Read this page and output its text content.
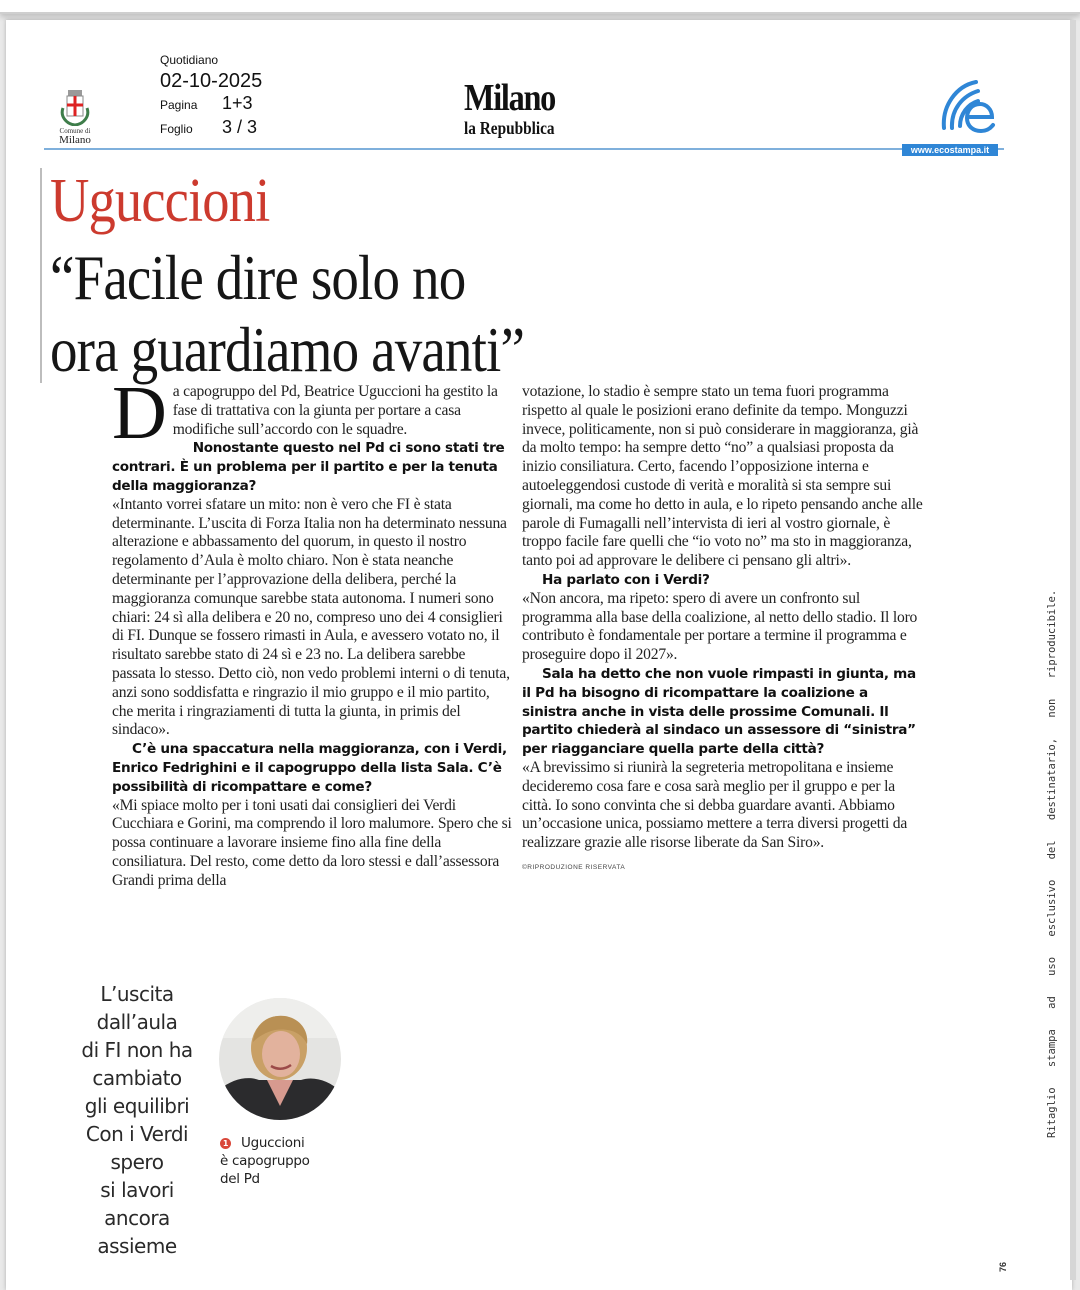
Comune di
Milano
Quotidiano
02-10-2025
Pagina 1+3
Foglio 3 / 3
Milano
la Repubblica
www.ecostampa.it
Uguccioni
“Facile dire solo no
ora guardiamo avanti”

Da capogruppo del Pd, Beatrice Uguccioni ha gestito la fase di trattativa con la giunta per portare a casa modifiche sull’accordo con le squadre.

Nonostante questo nel Pd ci sono stati tre contrari. È un problema per il partito e per la tenuta della maggioranza?

«Intanto vorrei sfatare un mito: non è vero che FI è stata determinante. L’uscita di Forza Italia non ha determinato nessuna alterazione e abbassamento del quorum, in questo il nostro regolamento d’Aula è molto chiaro. Non è stata neanche determinante per l’approvazione della delibera, perché la maggioranza comunque sarebbe stata autonoma. I numeri sono chiari: 24 sì alla delibera e 20 no, compreso uno dei 4 consiglieri di FI. Dunque se fossero rimasti in Aula, e avessero votato no, il risultato sarebbe stato di 24 sì e 23 no. La delibera sarebbe passata lo stesso. Detto ciò, non vedo problemi interni o di tenuta, anzi sono soddisfatta e ringrazio il mio gruppo e il mio partito, che merita i ringraziamenti di tutta la giunta, in primis del sindaco».

C’è una spaccatura nella maggioranza, con i Verdi, Enrico Fedrighini e il capogruppo della lista Sala. C’è possibilità di ricompattare e come?

«Mi spiace molto per i toni usati dai consiglieri dei Verdi Cucchiara e Gorini, ma comprendo il loro malumore. Spero che si possa continuare a lavorare insieme fino alla fine della consiliatura. Del resto, come detto da loro stessi e dall’assessora Grandi prima della

votazione, lo stadio è sempre stato un tema fuori programma rispetto al quale le posizioni erano definite da tempo. Monguzzi invece, politicamente, non si può considerare in maggioranza, già da molto tempo: ha sempre detto “no” a qualsiasi proposta da inizio consiliatura. Certo, facendo l’opposizione interna e autoeleggendosi custode di verità e moralità si sta sempre sui giornali, ma come ho detto in aula, e lo ripeto pensando anche alle parole di Fumagalli nell’intervista di ieri al vostro giornale, è troppo facile fare quelli che “io voto no” ma sto in maggioranza, tanto poi ad approvare le delibere ci pensano gli altri».

Ha parlato con i Verdi?

«Non ancora, ma ripeto: spero di avere un confronto sul programma alla base della coalizione, al netto dello stadio. Il loro contributo è fondamentale per portare a termine il programma e proseguire dopo il 2027».

Sala ha detto che non vuole rimpasti in giunta, ma il Pd ha bisogno di ricompattare la coalizione a sinistra anche in vista delle prossime Comunali. Il partito chiederà al sindaco un assessore di “sinistra” per riagganciare quella parte della città?

«A brevissimo si riunirà la segreteria metropolitana e insieme decideremo cosa fare e cosa sarà meglio per il gruppo e per la città. Io sono convinta che si debba guardare avanti. Abbiamo un’occasione unica, possiamo mettere a terra diversi progetti da realizzare grazie alle risorse liberate da San Siro».

©RIPRODUZIONE RISERVATA

L’uscita
dall’aula
di FI non ha
cambiato
gli equilibri
Con i Verdi
spero
si lavori
ancora
assieme
1 Uguccioni
è capogruppo
del Pd
Ritaglio stampa ad uso esclusivo del destinatario, non riproducibile.
76
